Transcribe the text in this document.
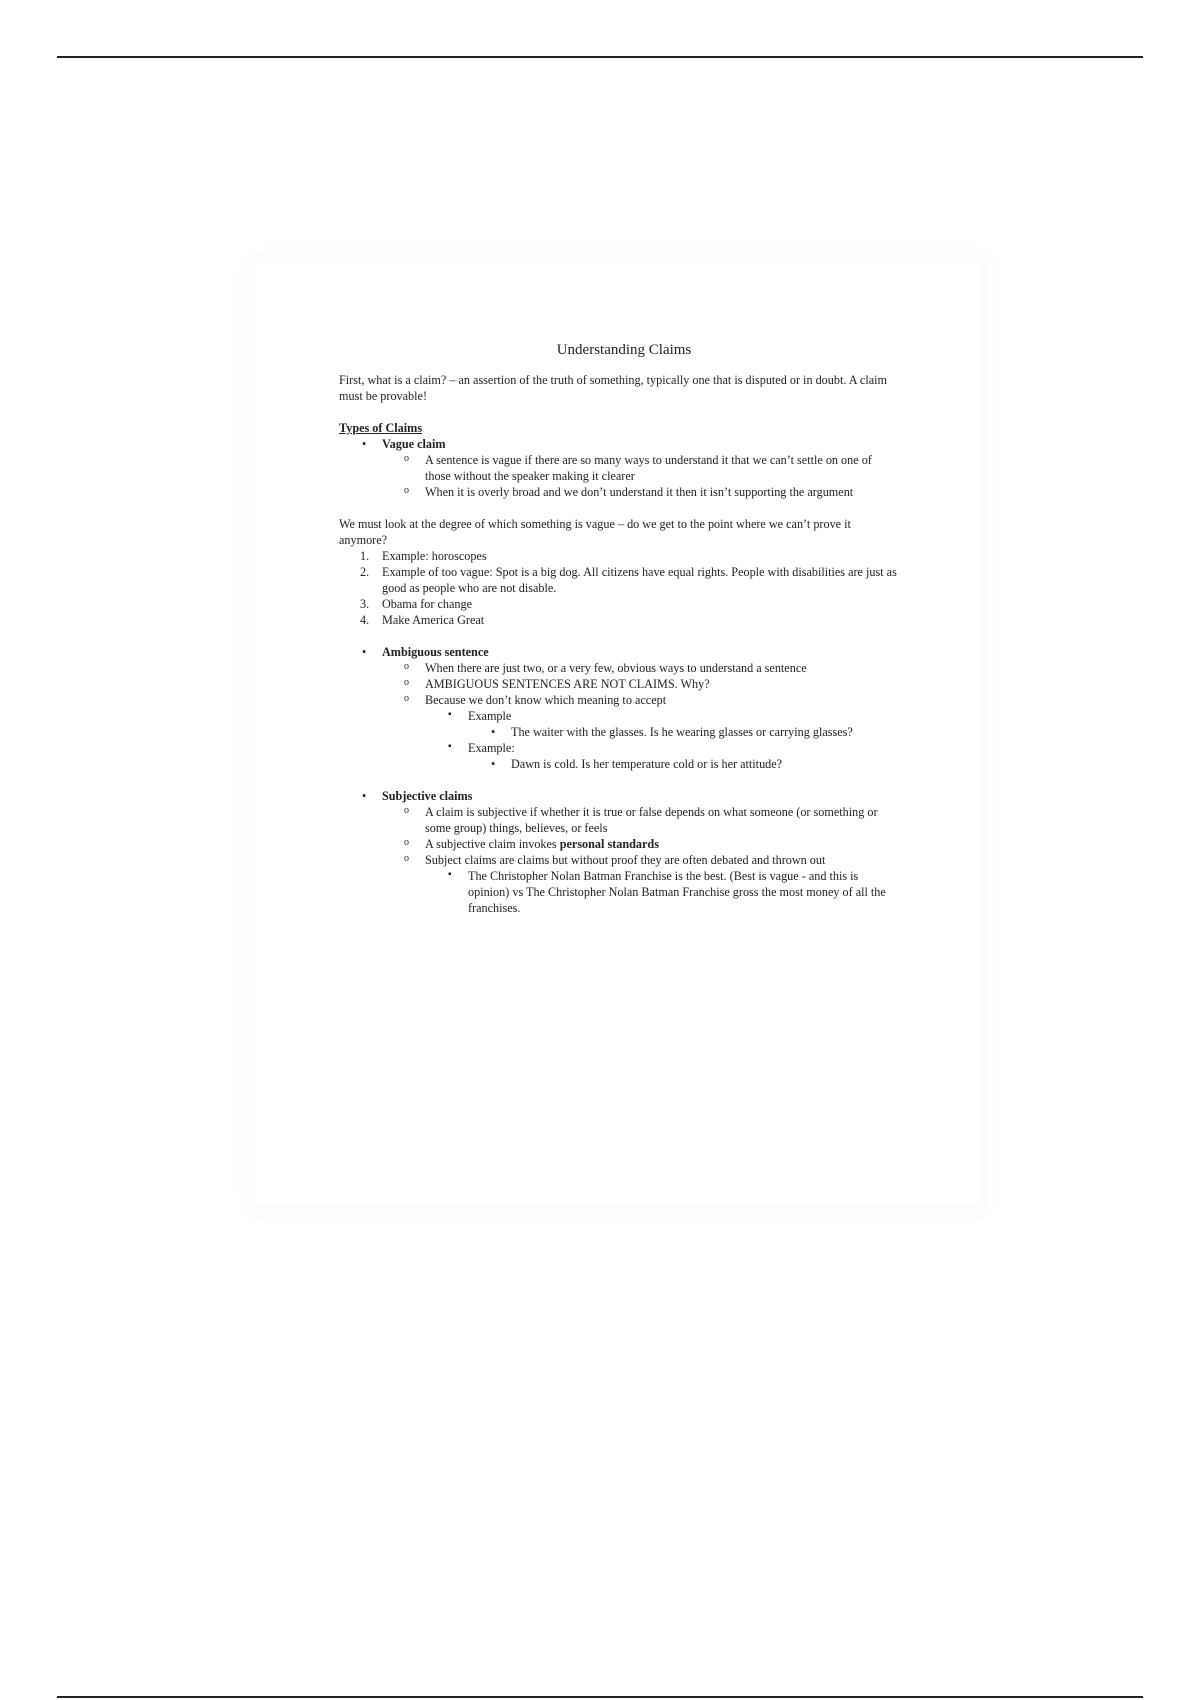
Understanding Claims

First, what is a claim? – an assertion of the truth of something, typically one that is disputed or in doubt. A claim must be provable!

Types of Claims

• Vague claim
o A sentence is vague if there are so many ways to understand it that we can’t settle on one of those without the speaker making it clearer
o When it is overly broad and we don’t understand it then it isn’t supporting the argument

We must look at the degree of which something is vague – do we get to the point where we can’t prove it anymore?

1. Example: horoscopes
2. Example of too vague: Spot is a big dog. All citizens have equal rights. People with disabilities are just as good as people who are not disable.
3. Obama for change
4. Make America Great
• Ambiguous sentence
o When there are just two, or a very few, obvious ways to understand a sentence
o AMBIGUOUS SENTENCES ARE NOT CLAIMS. Why?
o Because we don’t know which meaning to accept
▪ Example
• The waiter with the glasses. Is he wearing glasses or carrying glasses?
▪ Example:
• Dawn is cold. Is her temperature cold or is her attitude?
• Subjective claims
o A claim is subjective if whether it is true or false depends on what someone (or something or some group) things, believes, or feels
o A subjective claim invokes personal standards
o Subject claims are claims but without proof they are often debated and thrown out
▪ The Christopher Nolan Batman Franchise is the best. (Best is vague - and this is opinion) vs The Christopher Nolan Batman Franchise gross the most money of all the franchises.
